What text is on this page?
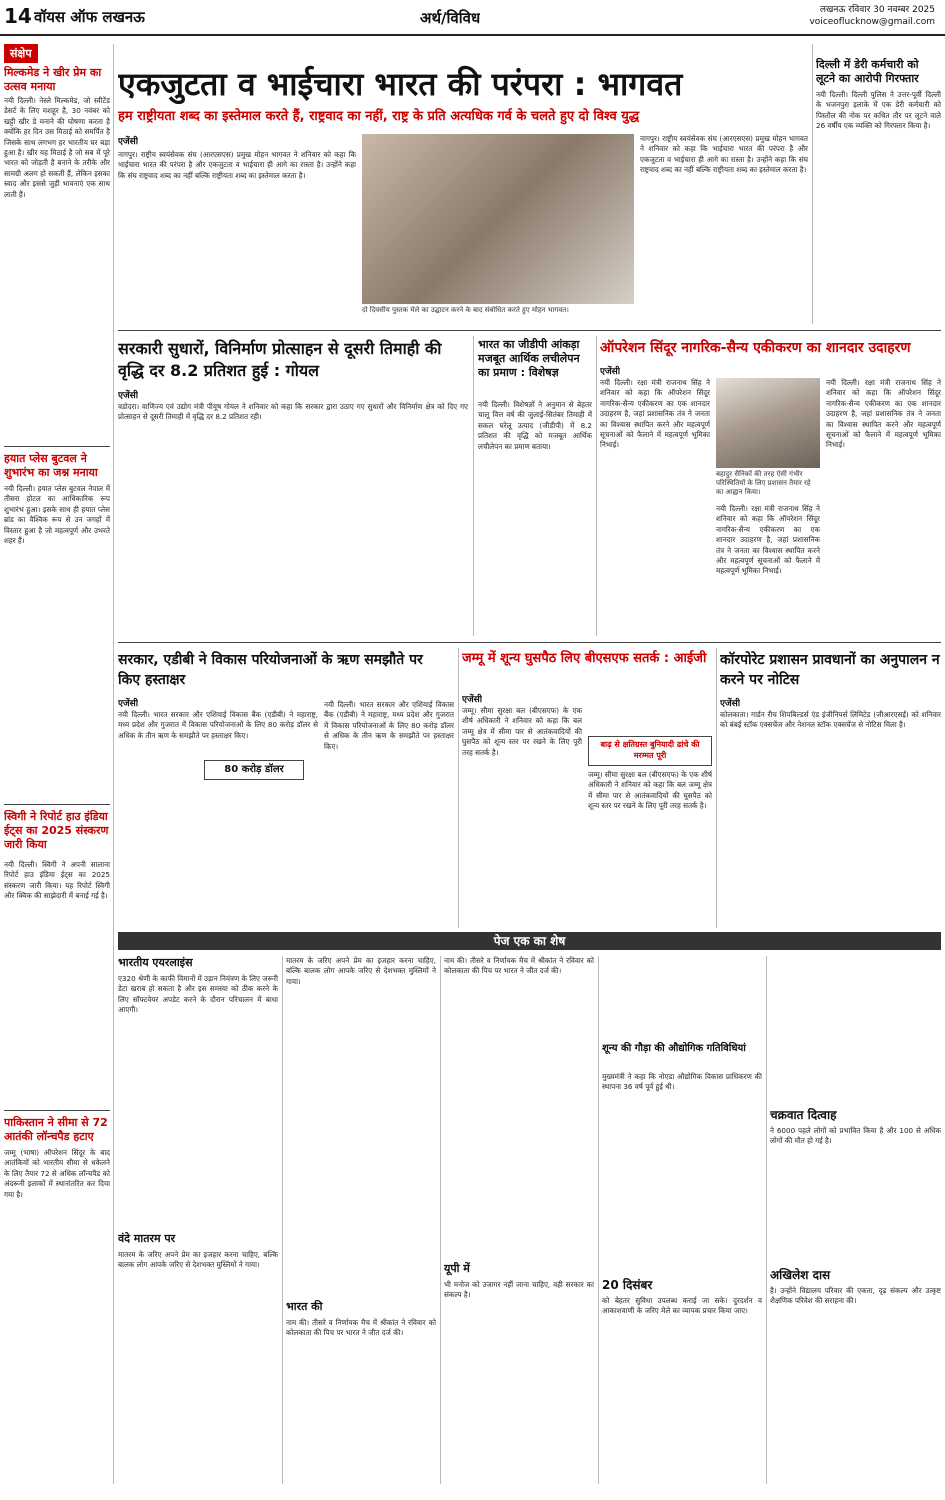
14 वॉयस ऑफ लखनऊ	अर्थ/विविध	लखनऊ रविवार 30 नवम्बर 2025
voiceoflucknow@gmail.com
संक्षेप
मिल्कमेड ने खीर प्रेम का उत्सव मनाया
नयी दिल्ली। नेस्ले मिल्कमेड, जो स्वीटेंड डेसर्ट के लिए मशहूर है, 30 नवंबर को खट्टी खीर डे मनाने की घोषणा करता है क्योंकि हर दिन उस मिठाई को समर्पित है जिसके साथ लगभग हर भारतीय घर बड़ा हुआ है। खीर यह मिठाई है जो सब में पूरे भारत को जोड़ती है बनाने के तरीके और सामग्री अलग हो सकती हैं, लेकिन इसका स्वाद और इससे जुड़ी भावनाएं एक साथ लाती हैं।
हयात प्लेस बुटवल ने शुभारंभ का जश्न मनाया
नयी दिल्ली। हयात प्लेस बुटवल नेपाल में तीसरा होटल का आधिकारिक रूप शुभारंभ हुआ। इसके साथ ही हयात प्लेस ब्रांड का वैश्विक रूप से उन जगहों में विस्तार हुआ है जो महत्वपूर्ण और उभरते शहर हैं।
स्विगी ने रिपोर्ट हाउ इंडिया ईट्स का 2025 संस्करण जारी किया
नयी दिल्ली। स्विगी ने अपनी सालाना रिपोर्ट हाउ इंडिया ईट्स का 2025 संस्करण जारी किया। यह रिपोर्ट स्विगी और क्विक की साझेदारी में बनाई गई है।
पाकिस्तान ने सीमा से 72 आतंकी लॉन्चपैड हटाए
जम्मू (भाषा) ऑपरेशन सिंदूर के बाद आतंकियों को भारतीय सीमा से धकेलने के लिए तैयार 72 से अधिक लॉन्चपैड को अंदरूनी इलाकों में स्थानांतरित कर दिया गया है।
एकजुटता व भाईचारा भारत की परंपरा : भागवत
हम राष्ट्रीयता शब्द का इस्तेमाल करते हैं, राष्ट्रवाद का नहीं, राष्ट्र के प्रति अत्यधिक गर्व के चलते हुए दो विश्व युद्ध
एजेंसी
नागपुर। राष्ट्रीय स्वयंसेवक संघ (आरएसएस) प्रमुख मोहन भागवत ने शनिवार को कहा कि भाईचारा भारत की परंपरा है और एकजुटता व भाईचारा ही आगे का रास्ता है। उन्होंने कहा कि संघ राष्ट्रवाद शब्द का नहीं बल्कि राष्ट्रीयता शब्द का इस्तेमाल करता है।
दो दिवसीय पुस्तक मेले का उद्घाटन करने के बाद संबोधित करते हुए मोहन भागवत।
नागपुर। राष्ट्रीय स्वयंसेवक संघ (आरएसएस) प्रमुख मोहन भागवत ने शनिवार को कहा कि भाईचारा भारत की परंपरा है और एकजुटता व भाईचारा ही आगे का रास्ता है। उन्होंने कहा कि संघ राष्ट्रवाद शब्द का नहीं बल्कि राष्ट्रीयता शब्द का इस्तेमाल करता है।
दिल्ली में डेरी कर्मचारी को लूटने का आरोपी गिरफ्तार
नयी दिल्ली। दिल्ली पुलिस ने उत्तर-पूर्वी दिल्ली के भजनपुरा इलाके में एक डेरी कर्मचारी को पिस्तौल की नोक पर कथित तौर पर लूटने वाले 26 वर्षीय एक व्यक्ति को गिरफ्तार किया है।
सरकारी सुधारों, विनिर्माण प्रोत्साहन से दूसरी तिमाही की वृद्धि दर 8.2 प्रतिशत हुई : गोयल
एजेंसी
वडोदरा। वाणिज्य एवं उद्योग मंत्री पीयूष गोयल ने शनिवार को कहा कि सरकार द्वारा उठाए गए सुधारों और विनिर्माण क्षेत्र को दिए गए प्रोत्साहन से दूसरी तिमाही में वृद्धि दर 8.2 प्रतिशत रही।
भारत का जीडीपी आंकड़ा मजबूत आर्थिक लचीलेपन का प्रमाण : विशेषज्ञ
नयी दिल्ली। विशेषज्ञों ने अनुमान से बेहतर चालू वित्त वर्ष की जुलाई-सितंबर तिमाही में सकल घरेलू उत्पाद (जीडीपी) में 8.2 प्रतिशत की वृद्धि को मजबूत आर्थिक लचीलेपन का प्रमाण बताया।
ऑपरेशन सिंदूर नागरिक-सैन्य एकीकरण का शानदार उदाहरण
एजेंसी
नयी दिल्ली। रक्षा मंत्री राजनाथ सिंह ने शनिवार को कहा कि ऑपरेशन सिंदूर नागरिक-सैन्य एकीकरण का एक शानदार उदाहरण है, जहां प्रशासनिक तंत्र ने जनता का विश्वास स्थापित करने और महत्वपूर्ण सूचनाओं को फैलाने में महत्वपूर्ण भूमिका निभाई।
बहादुर सैनिकों की तरह ऐसी गंभीर परिस्थितियों के लिए प्रशासन तैयार रहे का आह्वान किया।
नयी दिल्ली। रक्षा मंत्री राजनाथ सिंह ने शनिवार को कहा कि ऑपरेशन सिंदूर नागरिक-सैन्य एकीकरण का एक शानदार उदाहरण है, जहां प्रशासनिक तंत्र ने जनता का विश्वास स्थापित करने और महत्वपूर्ण सूचनाओं को फैलाने में महत्वपूर्ण भूमिका निभाई।
नयी दिल्ली। रक्षा मंत्री राजनाथ सिंह ने शनिवार को कहा कि ऑपरेशन सिंदूर नागरिक-सैन्य एकीकरण का एक शानदार उदाहरण है, जहां प्रशासनिक तंत्र ने जनता का विश्वास स्थापित करने और महत्वपूर्ण सूचनाओं को फैलाने में महत्वपूर्ण भूमिका निभाई।
सरकार, एडीबी ने विकास परियोजनाओं के ऋण समझौते पर किए हस्ताक्षर
एजेंसी
नयी दिल्ली। भारत सरकार और एशियाई विकास बैंक (एडीबी) ने महाराष्ट्र, मध्य प्रदेश और गुजरात में विकास परियोजनाओं के लिए 80 करोड़ डॉलर से अधिक के तीन ऋण के समझौते पर हस्ताक्षर किए।
80 करोड़ डॉलर
नयी दिल्ली। भारत सरकार और एशियाई विकास बैंक (एडीबी) ने महाराष्ट्र, मध्य प्रदेश और गुजरात में विकास परियोजनाओं के लिए 80 करोड़ डॉलर से अधिक के तीन ऋण के समझौते पर हस्ताक्षर किए।
जम्मू में शून्य घुसपैठ लिए बीएसएफ सतर्क : आईजी
एजेंसी
जम्मू। सीमा सुरक्षा बल (बीएसएफ) के एक शीर्ष अधिकारी ने शनिवार को कहा कि बल जम्मू क्षेत्र में सीमा पार से आतंकवादियों की घुसपैठ को शून्य स्तर पर रखने के लिए पूरी तरह सतर्क है।
बाढ़ से क्षतिग्रस्त बुनियादी ढांचे की मरम्मत पूरी
जम्मू। सीमा सुरक्षा बल (बीएसएफ) के एक शीर्ष अधिकारी ने शनिवार को कहा कि बल जम्मू क्षेत्र में सीमा पार से आतंकवादियों की घुसपैठ को शून्य स्तर पर रखने के लिए पूरी तरह सतर्क है।
कॉरपोरेट प्रशासन प्रावधानों का अनुपालन न करने पर नोटिस
एजेंसी
कोलकाता। गार्डन रीच शिपबिल्डर्स एंड इंजीनियर्स लिमिटेड (जीआरएसई) को शनिवार को बंबई स्टॉक एक्सचेंज और नेशनल स्टॉक एक्सचेंज से नोटिस मिला है।
पेज एक का शेष
भारतीय एयरलाइंस
ए320 श्रेणी के काफी विमानों में उड़ान नियंत्रण के लिए जरूरी डेटा खराब हो सकता है और इस समस्या को ठीक करने के लिए सॉफ्टवेयर अपडेट करने के दौरान परिचालन में बाधा आएगी।
वंदे मातरम पर
मातरम के जरिए अपने प्रेम का इजहार करना चाहिए, बल्कि बालक लोग आपके जरिए से देशभक्त मुस्लिमों ने गाया।
मातरम के जरिए अपने प्रेम का इजहार करना चाहिए, बल्कि बालक लोग आपके जरिए से देशभक्त मुस्लिमों ने गाया।
भारत की
नाम की। तीसरे व निर्णायक मैच में श्रीकांत ने रविवार को कोलकाता की पिच पर भारत ने जीत दर्ज की।
नाम की। तीसरे व निर्णायक मैच में श्रीकांत ने रविवार को कोलकाता की पिच पर भारत ने जीत दर्ज की।
यूपी में
भी मनोज को उजागर नहीं जाना चाहिए, वही सरकार का संकल्प है।
शून्य की गौड़ा की औद्योगिक गतिविधियां
मुख्यमंत्री ने कहा कि नोएडा औद्योगिक विकास प्राधिकरण की स्थापना 36 वर्ष पूर्व हुई थी।
20 दिसंबर
को बेहतर सुविधा उपलब्ध कराई जा सके। दुरदर्शन व आकाशवाणी के जरिए मेले का व्यापक प्रचार किया जाए।
चक्रवात दित्वाह
ने 6000 पहले लोगों को प्रभावित किया है और 100 से अधिक लोगों की मौत हो गई है।
अखिलेश दास
है। उन्होंने विद्यालय परिवार की एकता, दृढ़ संकल्प और उत्कृष्ट शैक्षणिक परिवेश की सराहना की।
